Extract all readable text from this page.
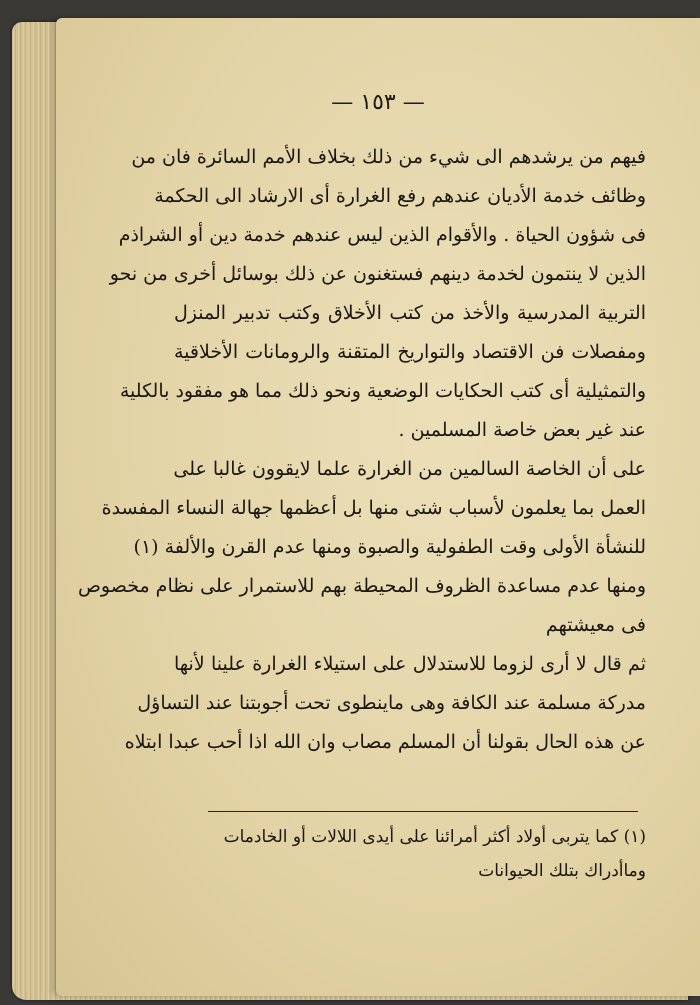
— ١٥٣ —
فيهم من يرشدهم الى شيء من ذلك بخلاف الأمم السائرة فان من
وظائف خدمة الأديان عندهم رفع الغرارة أى الارشاد الى الحكمة
فى شؤون الحياة . والأقوام الذين ليس عندهم خدمة دين أو الشراذم
الذين لا ينتمون لخدمة دينهم فستغنون عن ذلك بوسائل أخرى من نحو
التربية المدرسية والأخذ من كتب الأخلاق وكتب تدبير المنزل
ومفصلات فن الاقتصاد والتواريخ المتقنة والرومانات الأخلاقية
والتمثيلية أى كتب الحكايات الوضعية ونحو ذلك مما هو مفقود بالكلية
عند غير بعض خاصة المسلمين .
على أن الخاصة السالمين من الغرارة علما لايقوون غالبا على
العمل بما يعلمون لأسباب شتى منها بل أعظمها جهالة النساء المفسدة
للنشأة الأولى وقت الطفولية والصبوة ومنها عدم القرن والألفة (١)
ومنها عدم مساعدة الظروف المحيطة بهم للاستمرار على نظام مخصوص
فى معيشتهم
ثم قال لا أرى لزوما للاستدلال على استيلاء الغرارة علينا لأنها
مدركة مسلمة عند الكافة وهى ماينطوى تحت أجوبتنا عند التساؤل
عن هذه الحال بقولنا أن المسلم مصاب وان الله اذا أحب عبدا ابتلاه
(١) كما يتربى أولاد أكثر أمرائنا على أيدى اللالات أو الخادمات
وماأدراك بتلك الحيوانات
